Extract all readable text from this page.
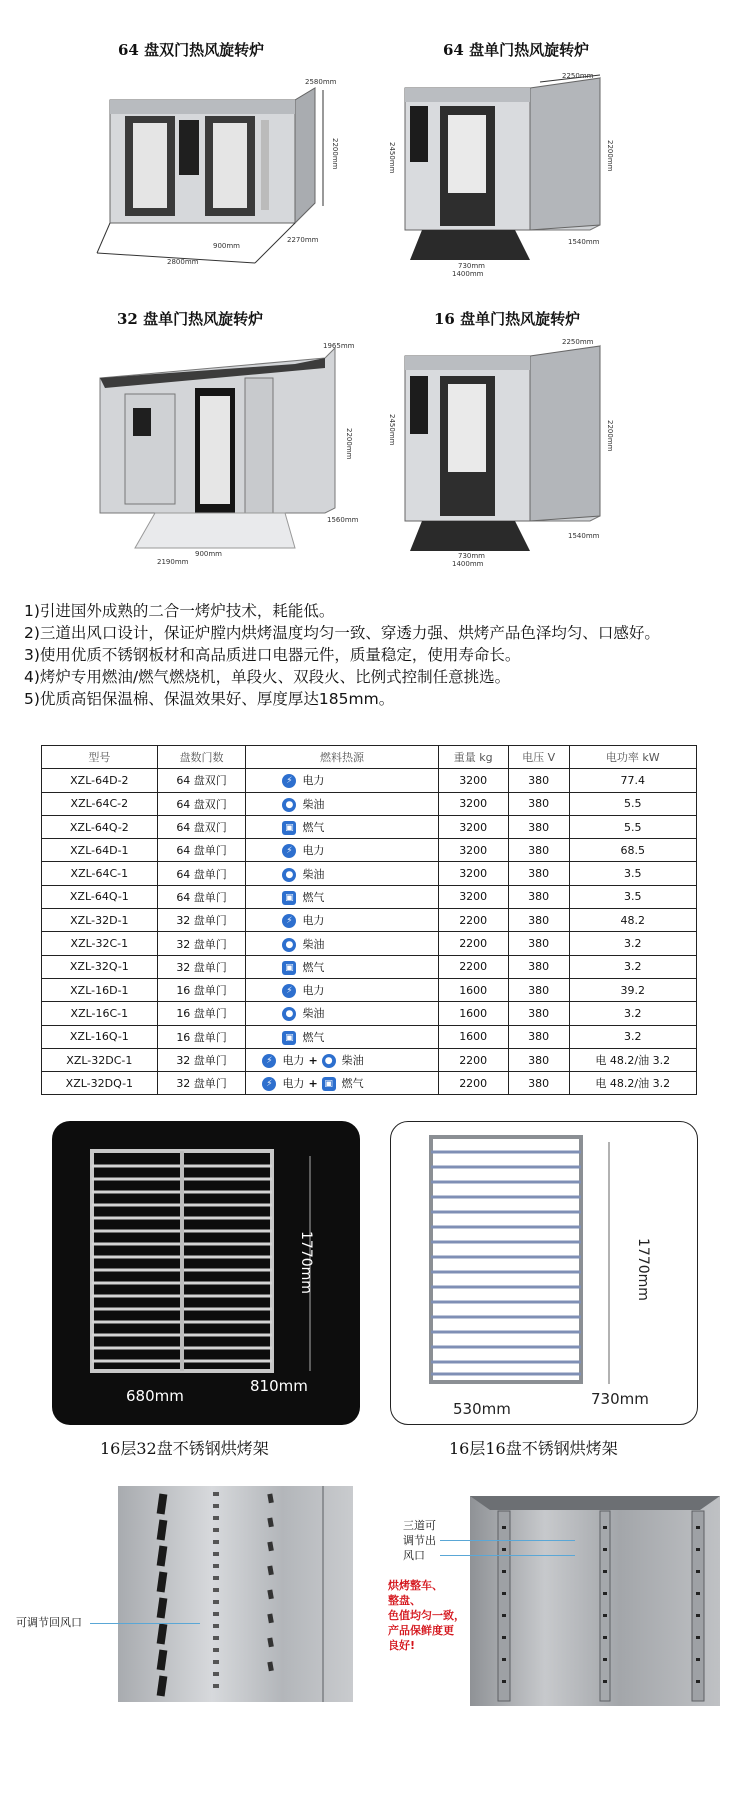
64 盘双门热风旋转炉	64 盘单门热风旋转炉
32 盘单门热风旋转炉	16 盘单门热风旋转炉
2580mm
2200mm
2270mm
900mm
2800mm
2250mm
2450mm	2200mm
1540mm
730mm
1400mm
1965mm
2200mm
1560mm
900mm
2190mm
2250mm
2450mm	2200mm
1540mm
730mm
1400mm

1)引进国外成熟的二合一烤炉技术，耗能低。

2)三道出风口设计，保证炉膛内烘烤温度均匀一致、穿透力强、烘烤产品色泽均匀、口感好。

3)使用优质不锈钢板材和高品质进口电器元件，质量稳定，使用寿命长。

4)烤炉专用燃油/燃气燃烧机，单段火、双段火、比例式控制任意挑选。

5)优质高铝保温棉、保温效果好、厚度厚达185mm。

型号	盘数门数	燃料热源	重量 kg	电压 V	电功率 kW
XZL-64D-2	64 盘双门	⚡ 电力	3200	380	77.4
XZL-64C-2	64 盘双门	● 柴油	3200	380	5.5
XZL-64Q-2	64 盘双门	▣ 燃气	3200	380	5.5
XZL-64D-1	64 盘单门	⚡ 电力	3200	380	68.5
XZL-64C-1	64 盘单门	● 柴油	3200	380	3.5
XZL-64Q-1	64 盘单门	▣ 燃气	3200	380	3.5
XZL-32D-1	32 盘单门	⚡ 电力	2200	380	48.2
XZL-32C-1	32 盘单门	● 柴油	2200	380	3.2
XZL-32Q-1	32 盘单门	▣ 燃气	2200	380	3.2
XZL-16D-1	16 盘单门	⚡ 电力	1600	380	39.2
XZL-16C-1	16 盘单门	● 柴油	1600	380	3.2
XZL-16Q-1	16 盘单门	▣ 燃气	1600	380	3.2
XZL-32DC-1	32 盘单门	⚡ 电力 + ● 柴油	2200	380	电 48.2/油 3.2
XZL-32DQ-1	32 盘单门	⚡ 电力 + ▣ 燃气	2200	380	电 48.2/油 3.2
1770mm
680mm
810mm
16层32盘不锈钢烘烤架
1770mm
530mm
730mm
16层16盘不锈钢烘烤架
可调节回风口
三道可
调节出
风口
烘烤整车、
整盘、
色值均匀一致，
产品保鲜度更
良好!
